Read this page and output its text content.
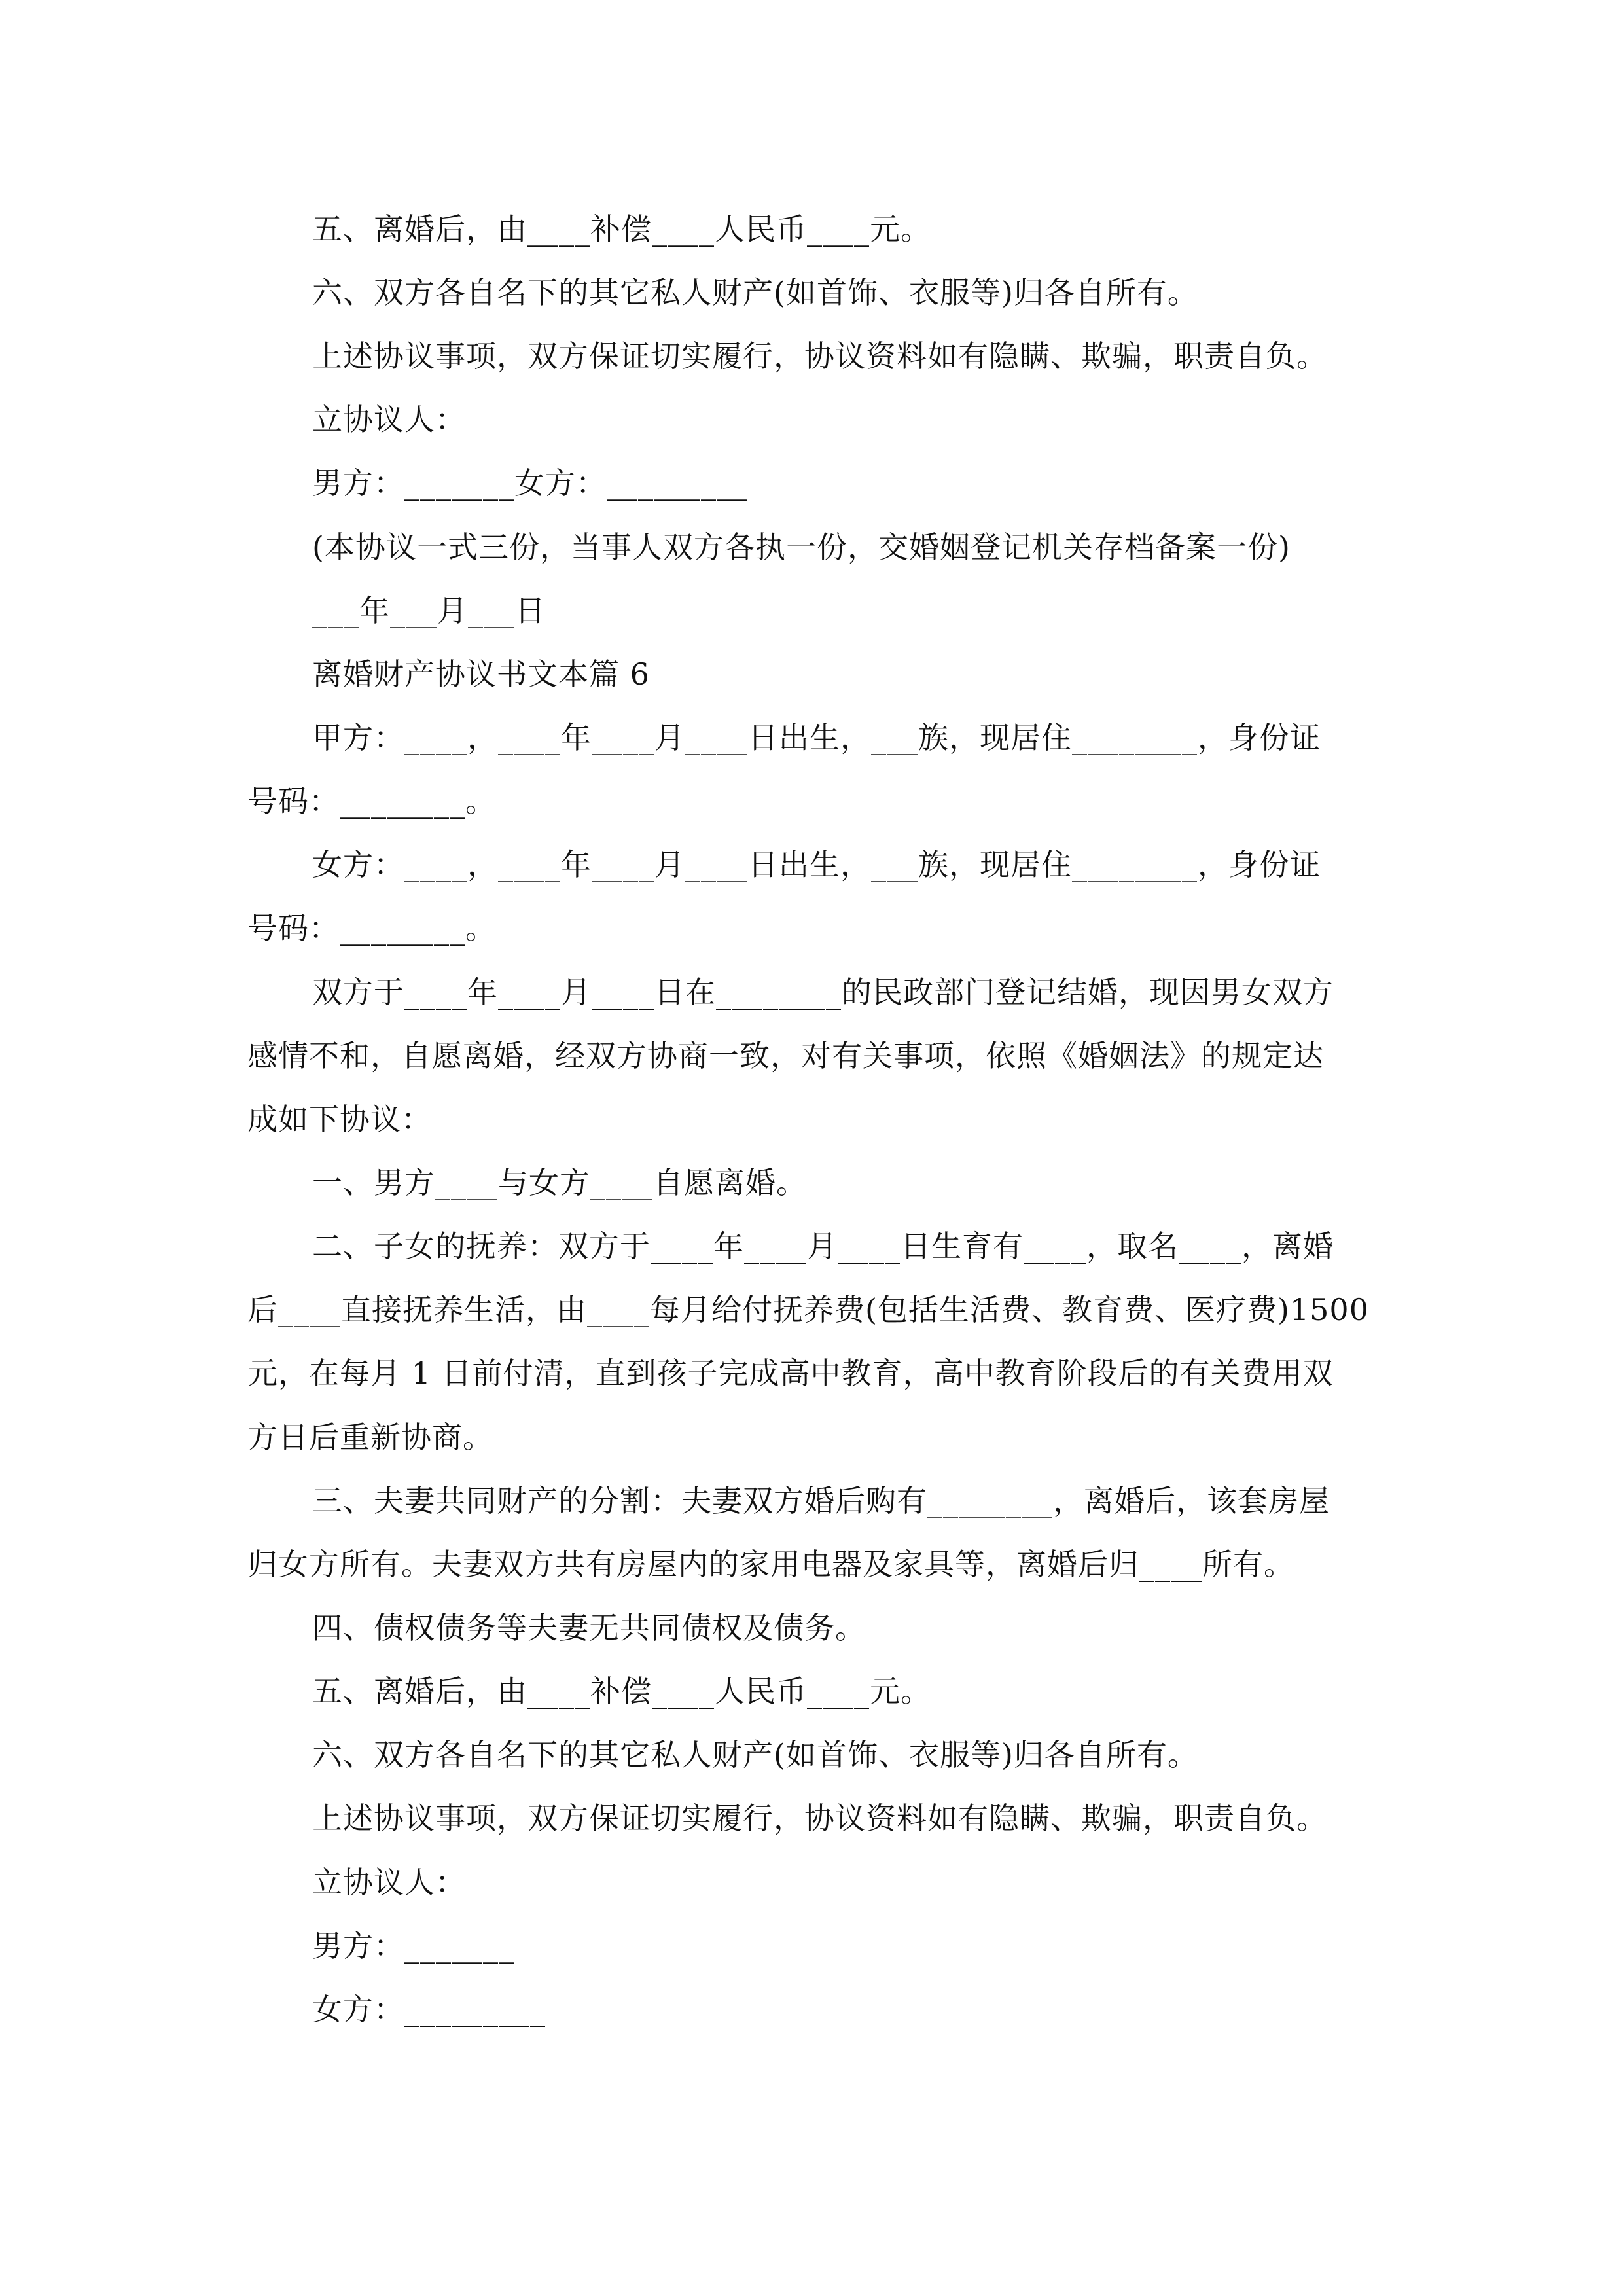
五、离婚后，由____补偿____人民币____元。
六、双方各自名下的其它私人财产(如首饰、衣服等)归各自所有。
上述协议事项，双方保证切实履行，协议资料如有隐瞒、欺骗，职责自负。
立协议人：
男方：_______女方：_________
(本协议一式三份，当事人双方各执一份，交婚姻登记机关存档备案一份)
___年___月___日
离婚财产协议书文本篇 6
甲方：____，____年____月____日出生，___族，现居住________，身份证
号码：________。
女方：____，____年____月____日出生，___族，现居住________，身份证
号码：________。
双方于____年____月____日在________的民政部门登记结婚，现因男女双方
感情不和，自愿离婚，经双方协商一致，对有关事项，依照《婚姻法》的规定达
成如下协议：
一、男方____与女方____自愿离婚。
二、子女的抚养：双方于____年____月____日生育有____，取名____，离婚
后____直接抚养生活，由____每月给付抚养费(包括生活费、教育费、医疗费)1500
元，在每月 1 日前付清，直到孩子完成高中教育，高中教育阶段后的有关费用双
方日后重新协商。
三、夫妻共同财产的分割：夫妻双方婚后购有________，离婚后，该套房屋
归女方所有。夫妻双方共有房屋内的家用电器及家具等，离婚后归____所有。
四、债权债务等夫妻无共同债权及债务。
五、离婚后，由____补偿____人民币____元。
六、双方各自名下的其它私人财产(如首饰、衣服等)归各自所有。
上述协议事项，双方保证切实履行，协议资料如有隐瞒、欺骗，职责自负。
立协议人：
男方：_______
女方：_________
